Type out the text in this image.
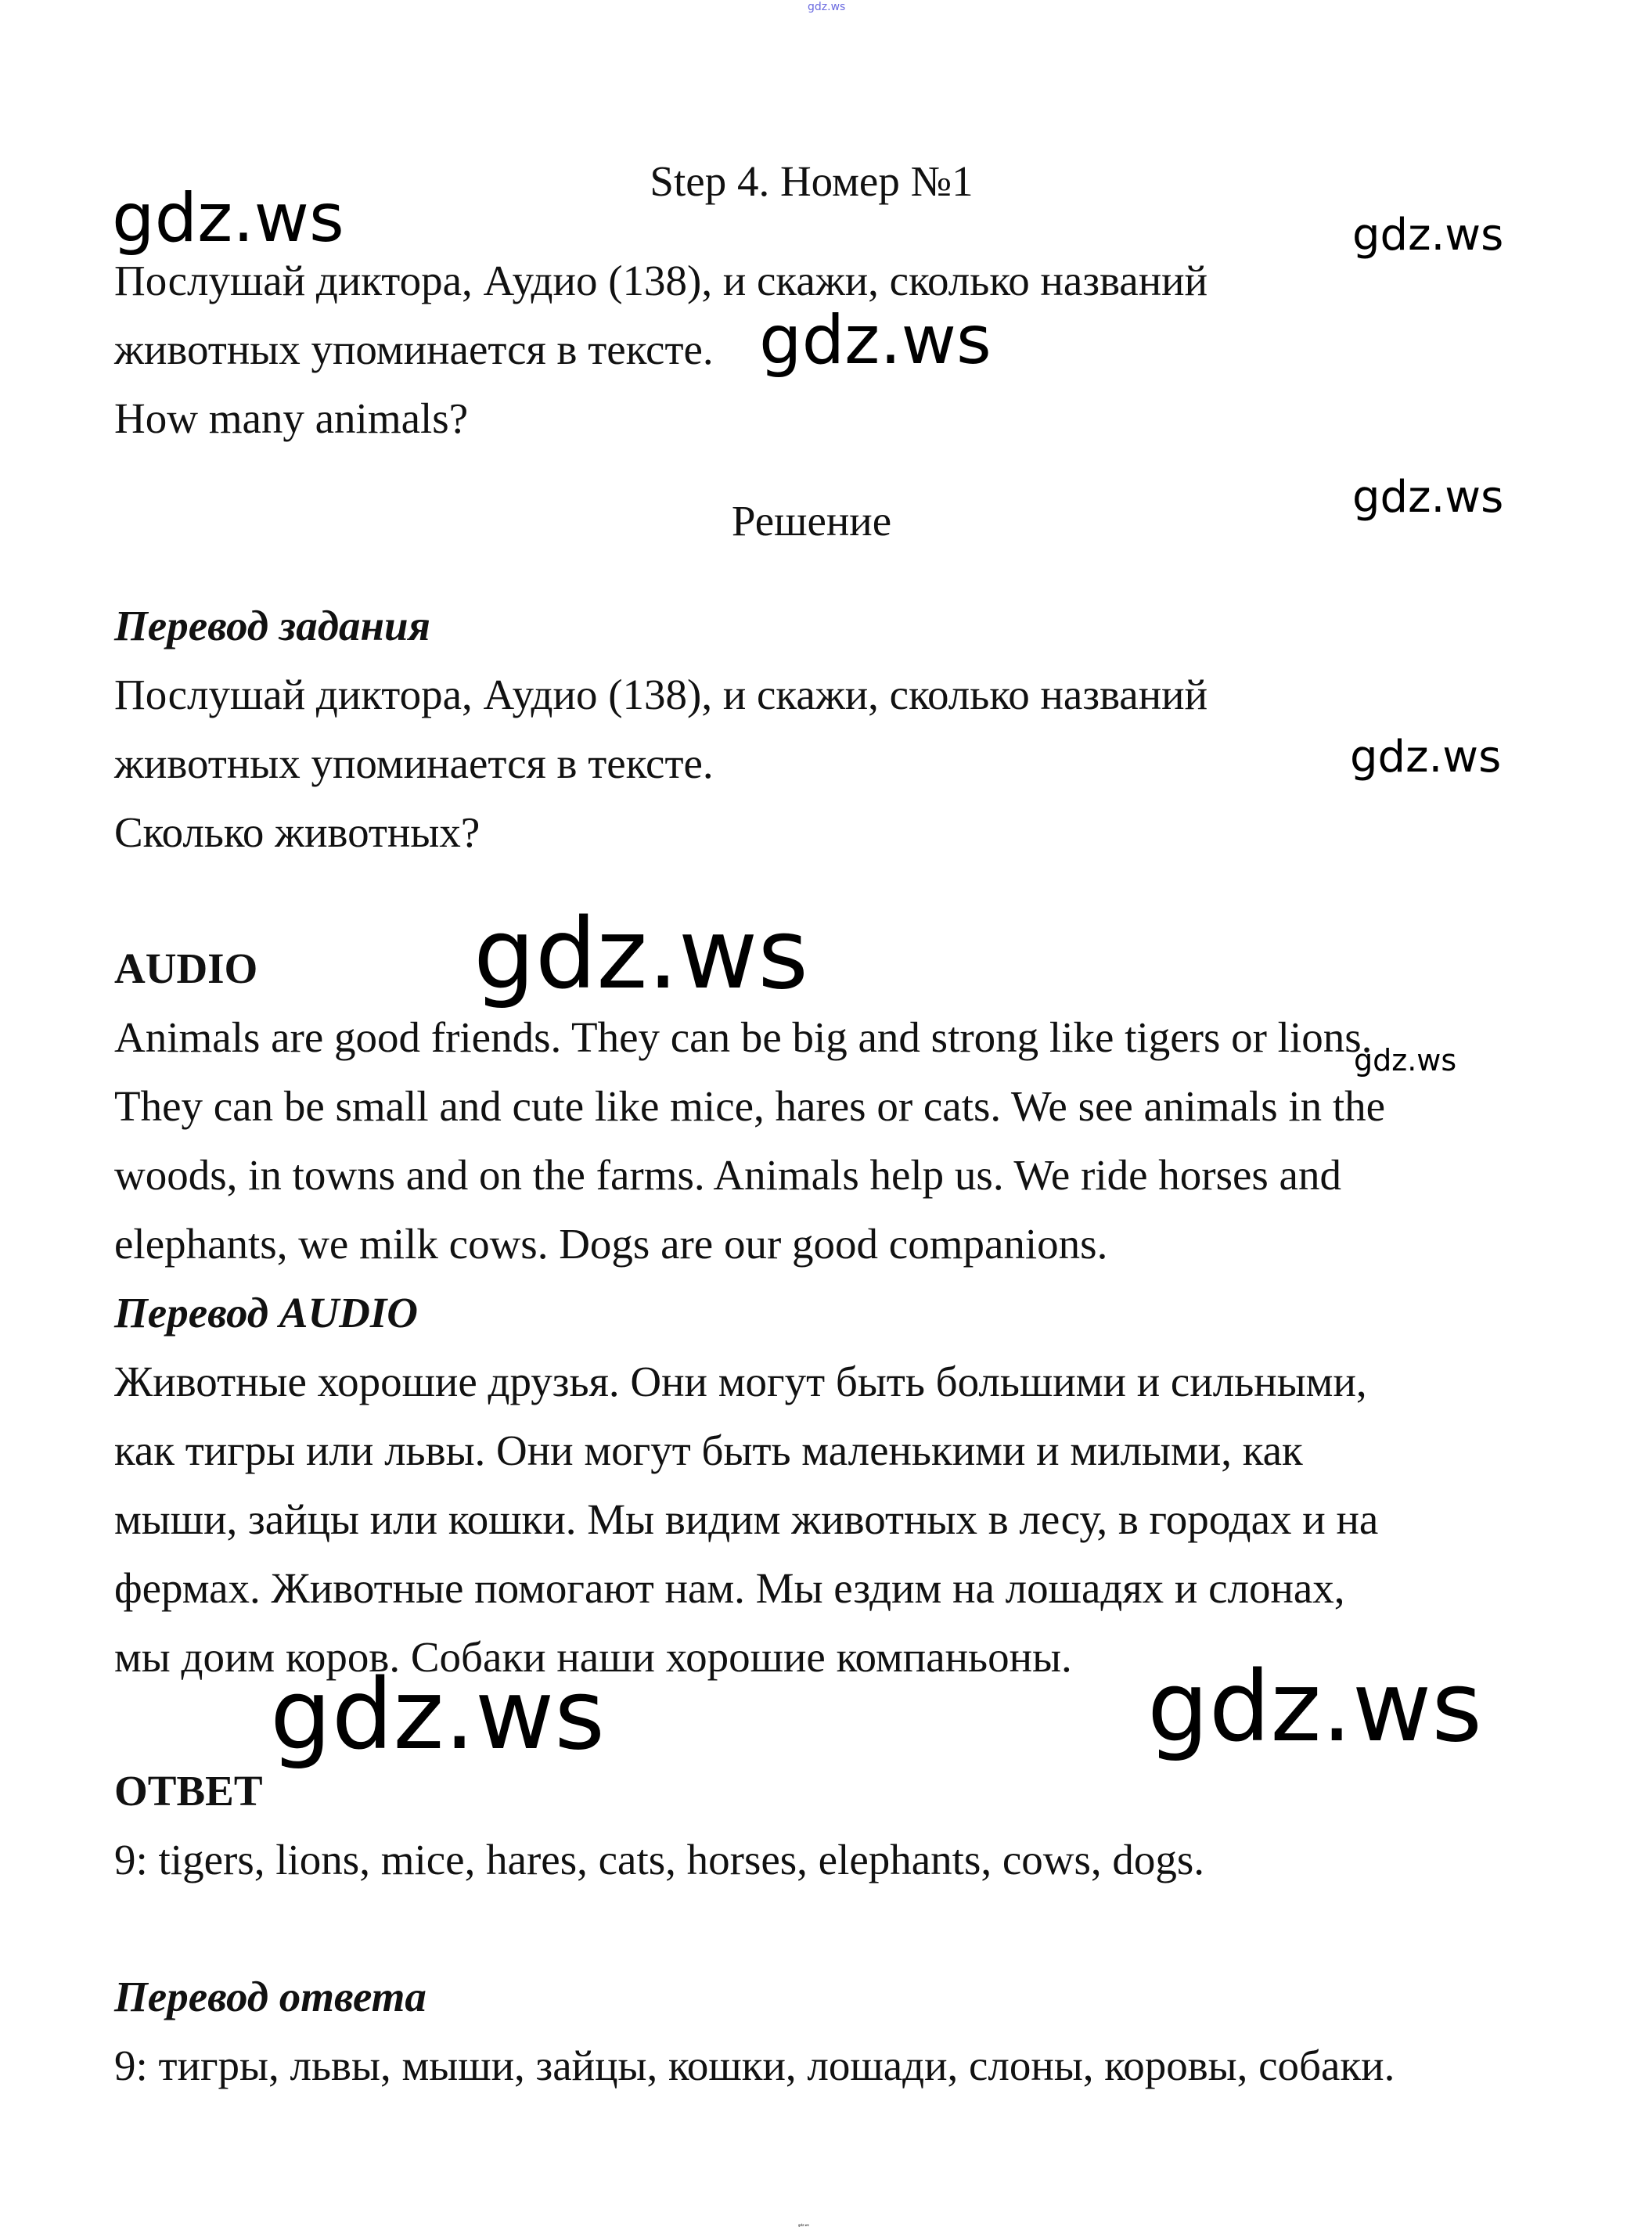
gdz.ws

Step 4. Номер №1

Послушай диктора, Аудио (138), и скажи, сколько названий

животных упоминается в тексте.

How many animals?

Решение

Перевод задания

Послушай диктора, Аудио (138), и скажи, сколько названий

животных упоминается в тексте.

Сколько животных?

AUDIO

Animals are good friends. They can be big and strong like tigers or lions.

They can be small and cute like mice, hares or cats. We see animals in the

woods, in towns and on the farms. Animals help us. We ride horses and

elephants, we milk cows. Dogs are our good companions.

Перевод AUDIO

Животные хорошие друзья. Они могут быть большими и сильными,

как тигры или львы. Они могут быть маленькими и милыми, как

мыши, зайцы или кошки. Мы видим животных в лесу, в городах и на

фермах. Животные помогают нам. Мы ездим на лошадях и слонах,

мы доим коров. Собаки наши хорошие компаньоны.

ОТВЕТ

9: tigers, lions, mice, hares, cats, horses, elephants, cows, dogs.

Перевод ответа

9: тигры, львы, мыши, зайцы, кошки, лошади, слоны, коровы, собаки.

gdz.ws	gdz.ws
gdz.ws
gdz.ws
gdz.ws
gdz.ws
gdz.ws
gdz.ws	gdz.ws
gdz.ws
